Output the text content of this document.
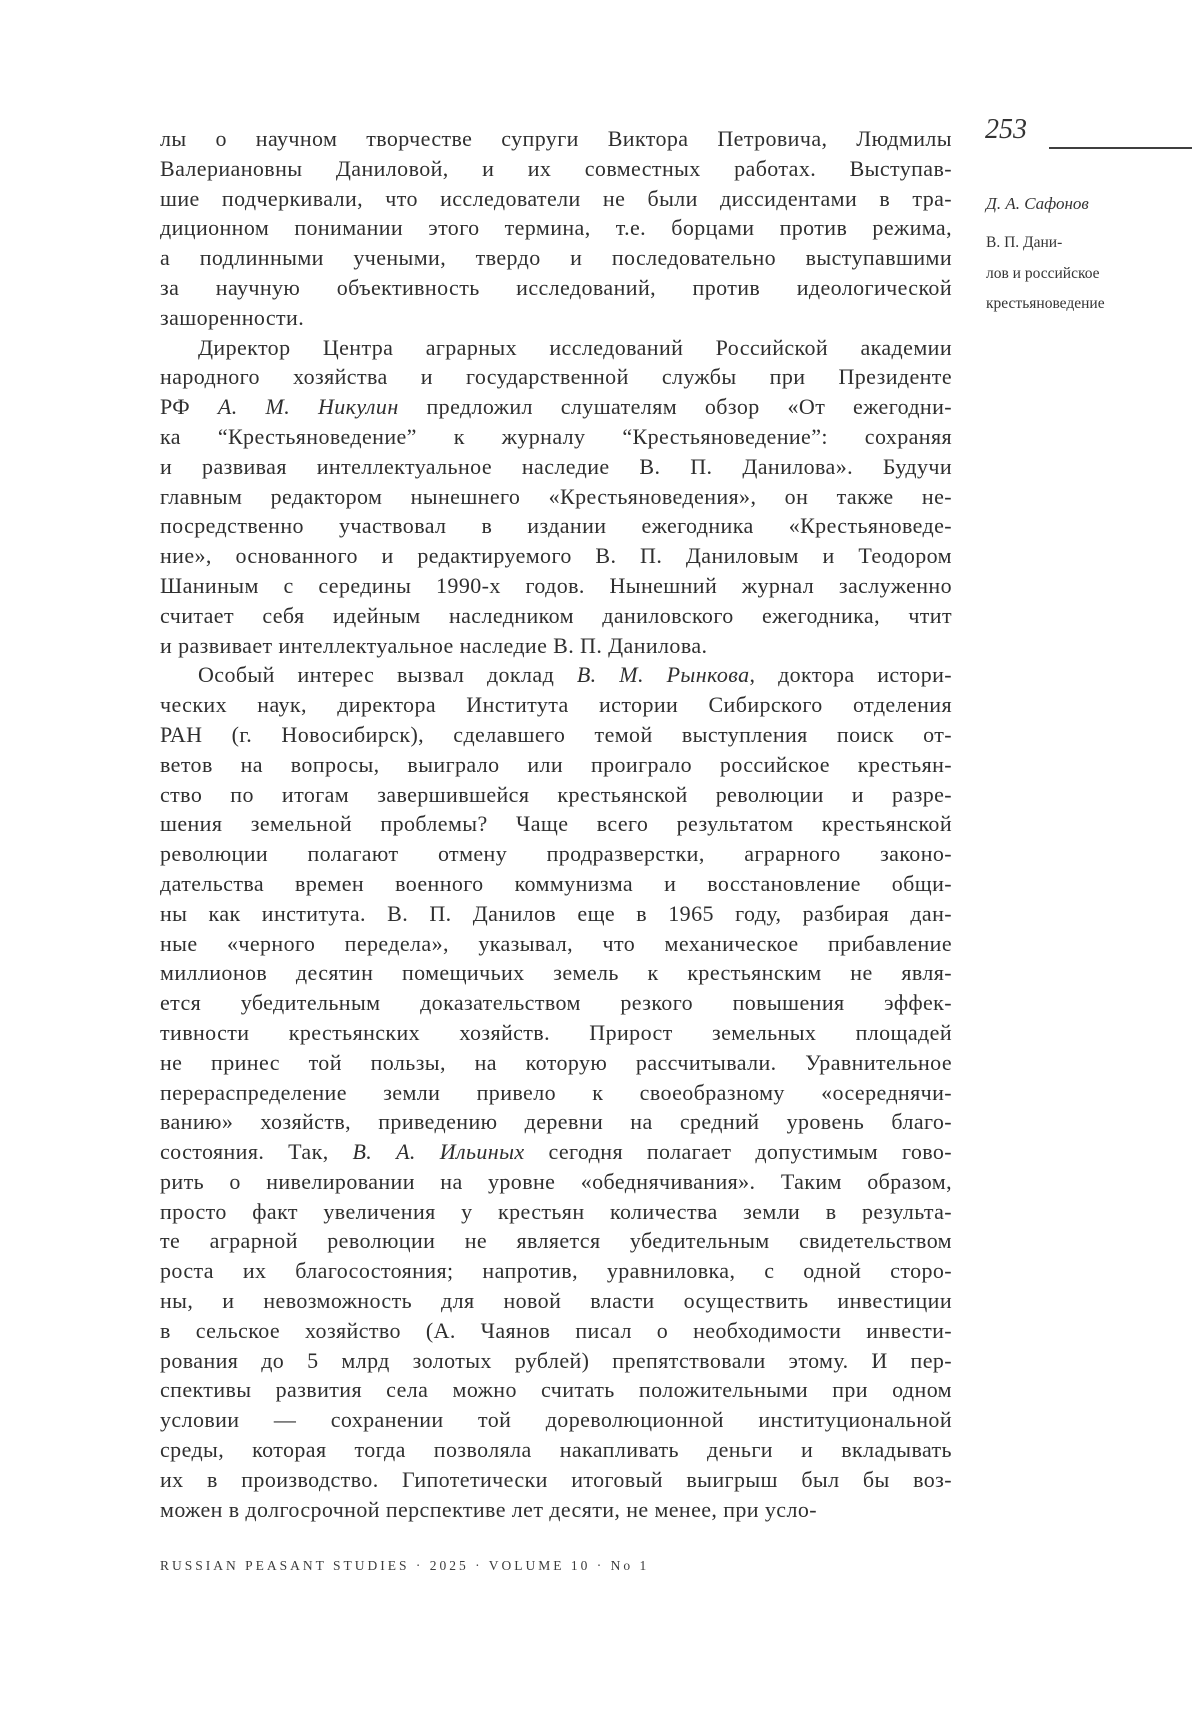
лы о научном творчестве супруги Виктора Петровича, Людмилы
Валериановны Даниловой, и их совместных работах. Выступав-
шие подчеркивали, что исследователи не были диссидентами в тра-
диционном понимании этого термина, т.е. борцами против режима,
а подлинными учеными, твердо и последовательно выступавшими
за научную объективность исследований, против идеологической
зашоренности.
Директор Центра аграрных исследований Российской академии
народного хозяйства и государственной службы при Президенте
РФ А. М. Никулин предложил слушателям обзор «От ежегодни-
ка “Крестьяноведение” к журналу “Крестьяноведение”: сохраняя
и развивая интеллектуальное наследие В. П. Данилова». Будучи
главным редактором нынешнего «Крестьяноведения», он также не-
посредственно участвовал в издании ежегодника «Крестьяноведе-
ние», основанного и редактируемого В. П. Даниловым и Теодором
Шаниным с середины 1990-х годов. Нынешний журнал заслуженно
считает себя идейным наследником даниловского ежегодника, чтит
и развивает интеллектуальное наследие В. П. Данилова.
Особый интерес вызвал доклад В. М. Рынкова, доктора истори-
ческих наук, директора Института истории Сибирского отделения
РАН (г. Новосибирск), сделавшего темой выступления поиск от-
ветов на вопросы, выиграло или проиграло российское крестьян-
ство по итогам завершившейся крестьянской революции и разре-
шения земельной проблемы? Чаще всего результатом крестьянской
революции полагают отмену продразверстки, аграрного законо-
дательства времен военного коммунизма и восстановление общи-
ны как института. В. П. Данилов еще в 1965 году, разбирая дан-
ные «черного передела», указывал, что механическое прибавление
миллионов десятин помещичьих земель к крестьянским не явля-
ется убедительным доказательством резкого повышения эффек-
тивности крестьянских хозяйств. Прирост земельных площадей
не принес той пользы, на которую рассчитывали. Уравнительное
перераспределение земли привело к своеобразному «осереднячи-
ванию» хозяйств, приведению деревни на средний уровень благо-
состояния. Так, В. А. Ильиных сегодня полагает допустимым гово-
рить о нивелировании на уровне «обеднячивания». Таким образом,
просто факт увеличения у крестьян количества земли в результа-
те аграрной революции не является убедительным свидетельством
роста их благосостояния; напротив, уравниловка, с одной сторо-
ны, и невозможность для новой власти осуществить инвестиции
в сельское хозяйство (А. Чаянов писал о необходимости инвести-
рования до 5 млрд золотых рублей) препятствовали этому. И пер-
спективы развития села можно считать положительными при одном
условии — сохранении той дореволюционной институциональной
среды, которая тогда позволяла накапливать деньги и вкладывать
их в производство. Гипотетически итоговый выигрыш был бы воз-
можен в долгосрочной перспективе лет десяти, не менее, при усло-
253
Д. А. Сафонов
В. П. Дани-
лов и российское
крестьяноведение
RUSSIAN PEASANT STUDIES · 2025 · VOLUME 10 · No 1
